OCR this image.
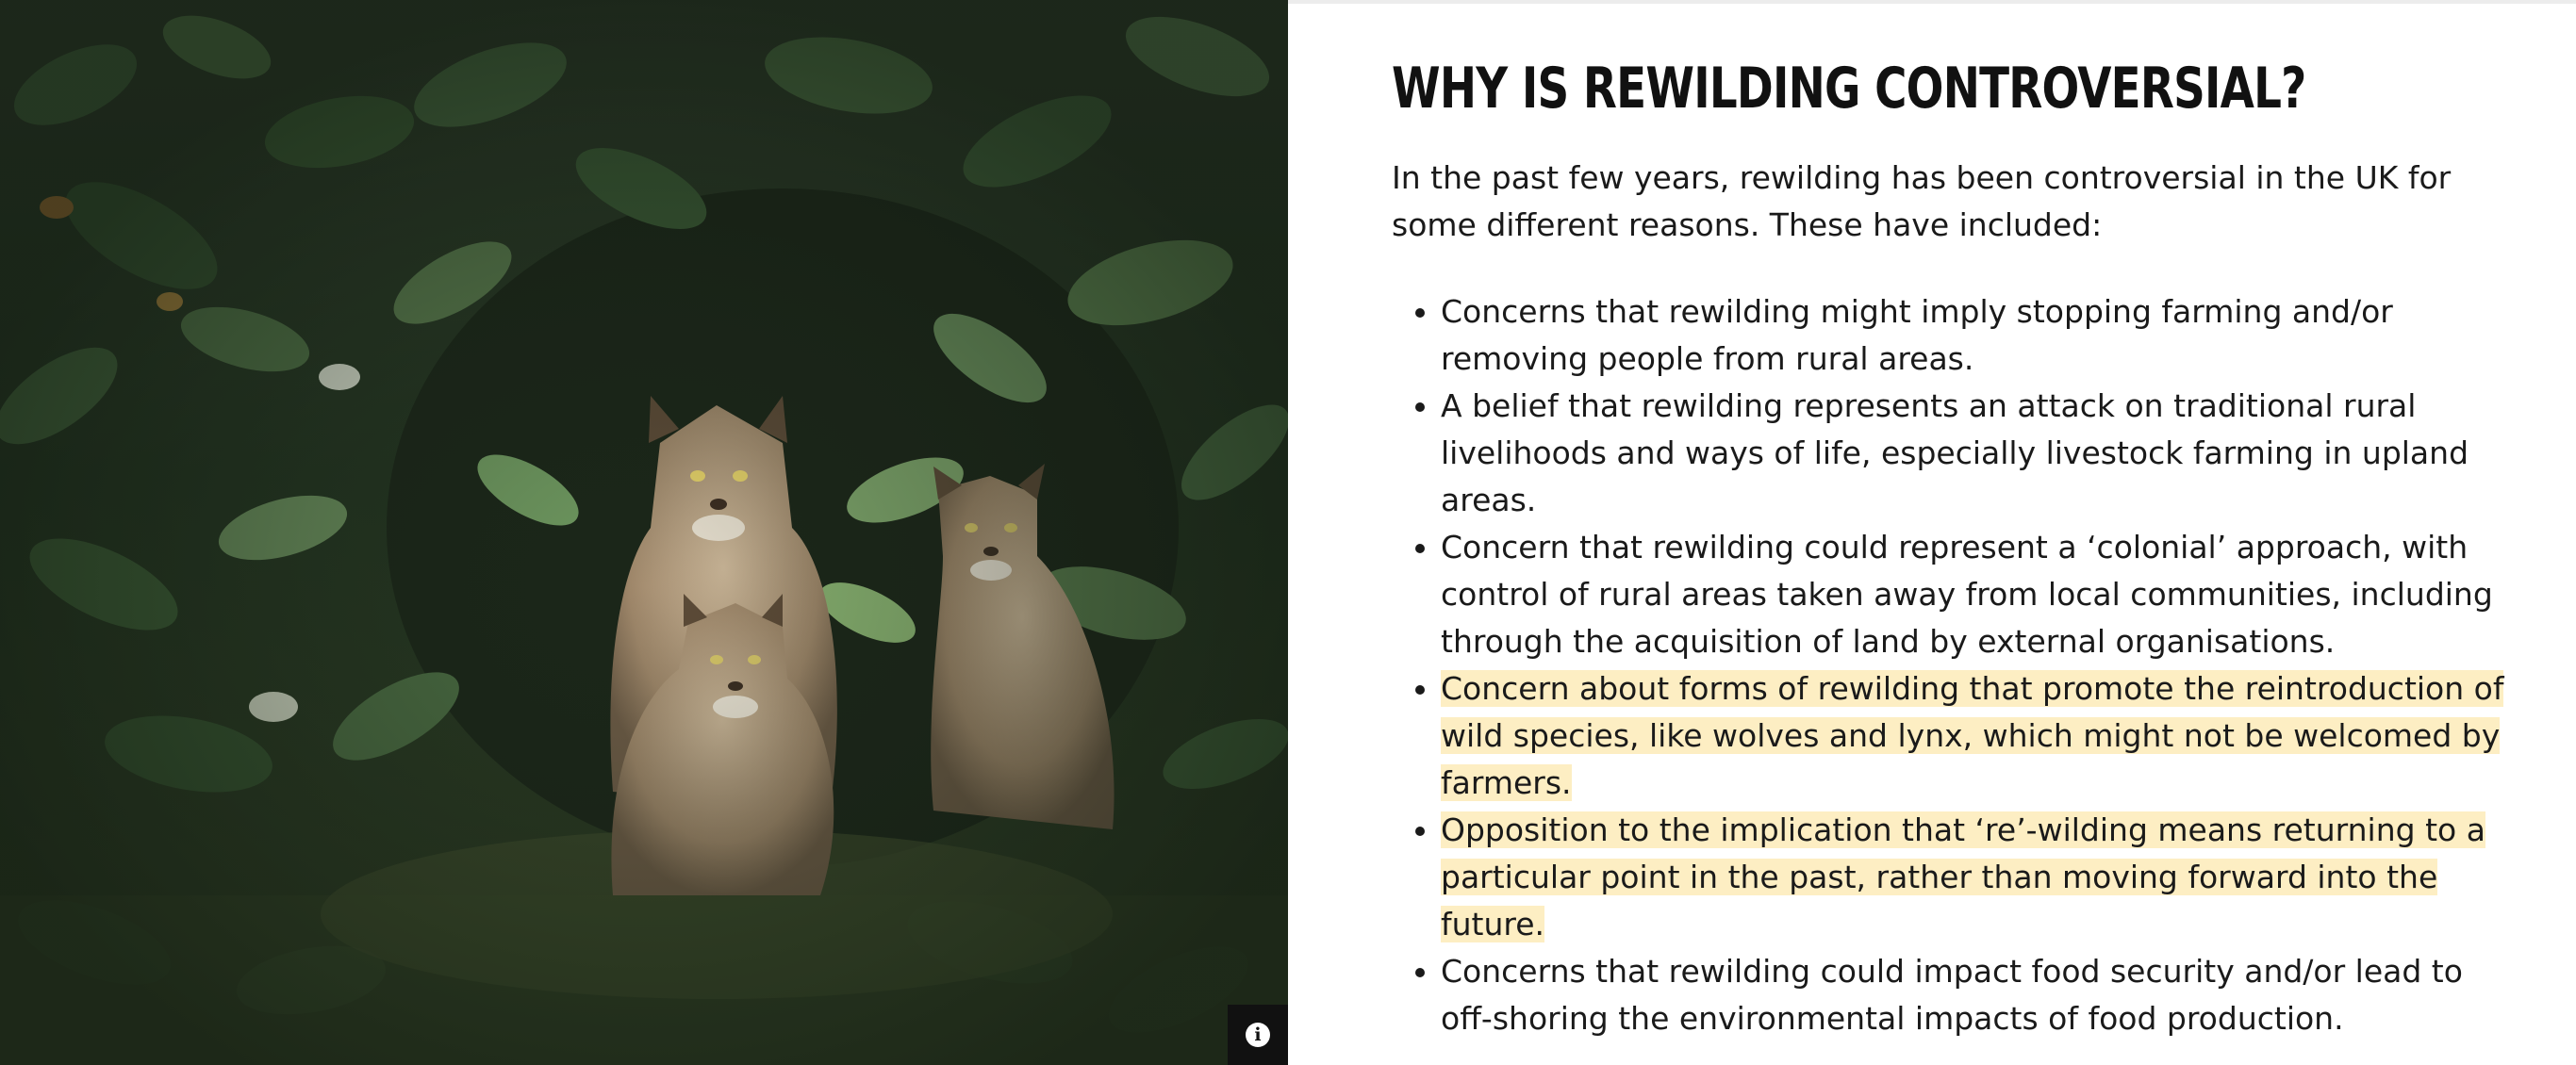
i
WHY IS REWILDING CONTROVERSIAL?

In the past few years, rewilding has been controversial in the UK for some different reasons. These have included:

• Concerns that rewilding might imply stopping farming and/or removing people from rural areas.
• A belief that rewilding represents an attack on traditional rural livelihoods and ways of life, especially livestock farming in upland areas.
• Concern that rewilding could represent a ‘colonial’ approach, with control of rural areas taken away from local communities, including through the acquisition of land by external organisations.
• Concern about forms of rewilding that promote the reintroduction of wild species, like wolves and lynx, which might not be welcomed by farmers.
• Opposition to the implication that ‘re’-wilding means returning to a particular point in the past, rather than moving forward into the future.
• Concerns that rewilding could impact food security and/or lead to off-shoring the environmental impacts of food production.
